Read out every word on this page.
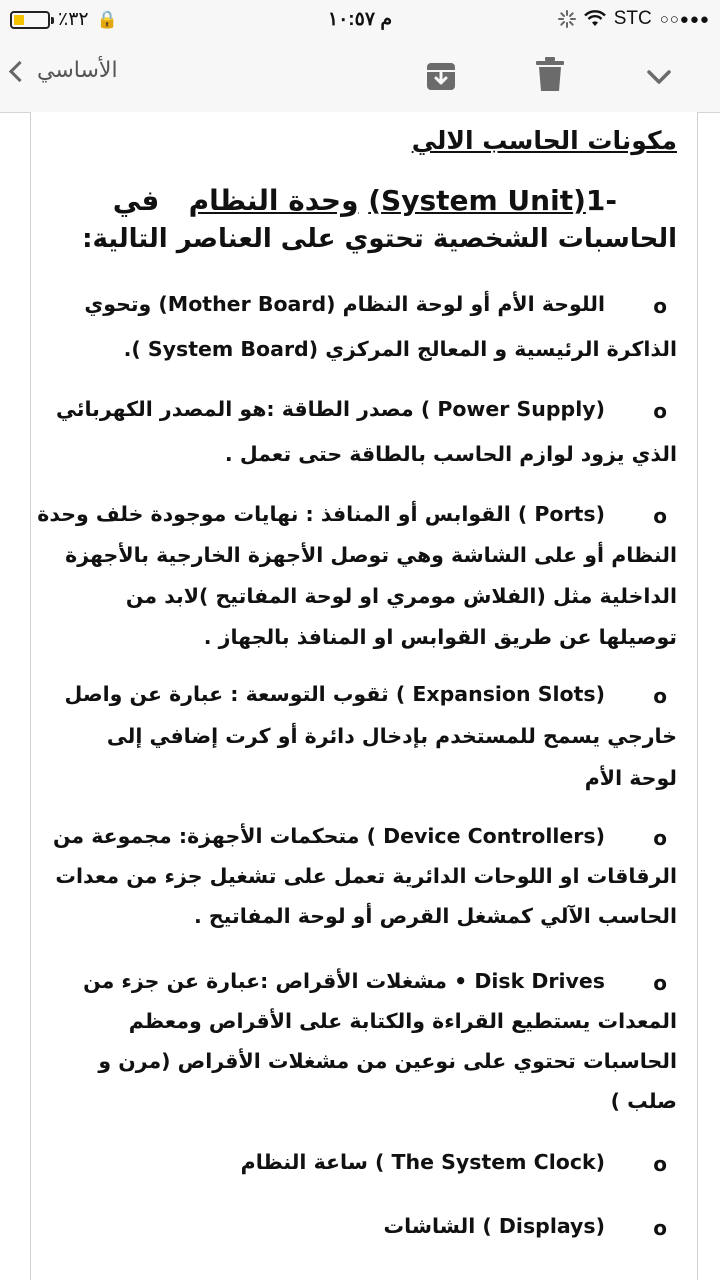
٪٣٢ 🔒	م ١٠:٥٧	STC ○○●●●
الأساسي
مكونات الحاسب الالي
-1(System Unit) وحدة النظام   في
الحاسبات الشخصية تحتوي على العناصر التالية:
o
اللوحة الأم أو لوحة النظام (Mother Board) وتحوي
الذاكرة الرئيسية و المعالج المركزي (System Board ).
o
(Power Supply ) مصدر الطاقة :هو المصدر الكهربائي
الذي يزود لوازم الحاسب بالطاقة حتى تعمل .
o
(Ports ) القوابس أو المنافذ : نهايات موجودة خلف وحدة
النظام أو على الشاشة وهي توصل الأجهزة الخارجية بالأجهزة
الداخلية مثل (الفلاش مومري او لوحة المفاتيح )لابد من
توصيلها عن طريق القوابس او المنافذ بالجهاز .
o
(Expansion Slots ) ثقوب التوسعة : عبارة عن واصل
خارجي يسمح للمستخدم بإدخال دائرة أو كرت إضافي إلى
لوحة الأم
o
(Device Controllers ) متحكمات الأجهزة: مجموعة من
الرقاقات او اللوحات الدائرية تعمل على تشغيل جزء من معدات
الحاسب الآلي كمشغل القرص أو لوحة المفاتيح .
o
Disk Drives • مشغلات الأقراص :عبارة عن جزء من
المعدات يستطيع القراءة والكتابة على الأقراص ومعظم
الحاسبات تحتوي على نوعين من مشغلات الأقراص (مرن و
صلب )
o
(The System Clock ) ساعة النظام
o
(Displays ) الشاشات
